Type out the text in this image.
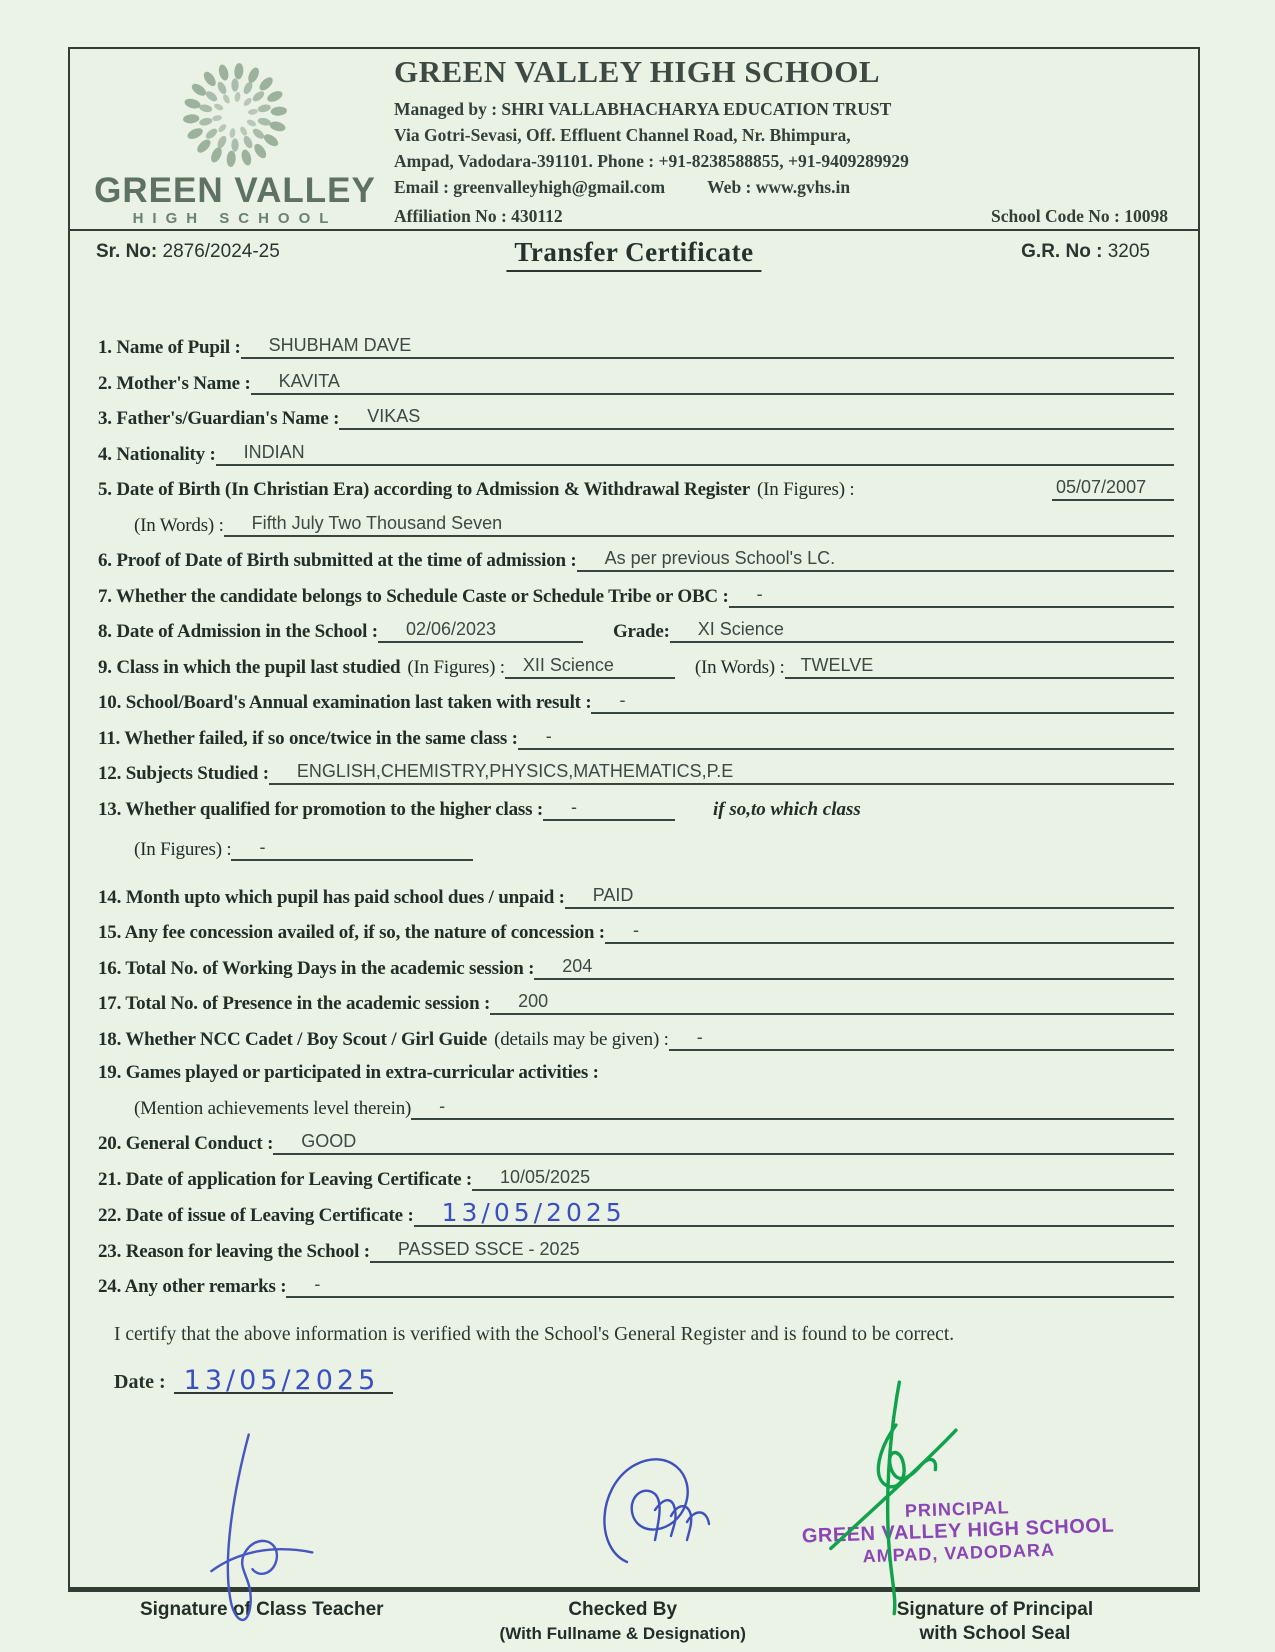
GREEN VALLEY
HIGH SCHOOL
GREEN VALLEY HIGH SCHOOL
Managed by : SHRI VALLABHACHARYA EDUCATION TRUST
Via Gotri-Sevasi, Off. Effluent Channel Road, Nr. Bhimpura,
Ampad, Vadodara-391101. Phone : +91-8238588855, +91-9409289929
Email : greenvalleyhigh@gmail.com Web : www.gvhs.in
Affiliation No : 430112	School Code No : 10098
Sr. No: 2876/2024-25	Transfer Certificate	G.R. No : 3205
1. Name of Pupil :	SHUBHAM DAVE
2. Mother's Name :	KAVITA
3. Father's/Guardian's Name :	VIKAS
4. Nationality :	INDIAN
5. Date of Birth (In Christian Era) according to Admission & Withdrawal Register (In Figures) :	05/07/2007
(In Words) :	Fifth July Two Thousand Seven
6. Proof of Date of Birth submitted at the time of admission :	As per previous School's LC.
7. Whether the candidate belongs to Schedule Caste or Schedule Tribe or OBC :	-
8. Date of Admission in the School :	02/06/2023	Grade:	XI Science
9. Class in which the pupil last studied (In Figures) :	XII Science	(In Words) : TWELVE
10. School/Board's Annual examination last taken with result :	-
11. Whether failed, if so once/twice in the same class :	-
12. Subjects Studied :	ENGLISH,CHEMISTRY,PHYSICS,MATHEMATICS,P.E
13. Whether qualified for promotion to the higher class :	-	if so,to which class
(In Figures) :	-
14. Month upto which pupil has paid school dues / unpaid :	PAID
15. Any fee concession availed of, if so, the nature of concession :	-
16. Total No. of Working Days in the academic session :	204
17. Total No. of Presence in the academic session :	200
18. Whether NCC Cadet / Boy Scout / Girl Guide (details may be given) :	-
19. Games played or participated in extra-curricular activities :
(Mention achievements level therein)	-
20. General Conduct :	GOOD
21. Date of application for Leaving Certificate :	10/05/2025
22. Date of issue of Leaving Certificate :	13/05/2025
23. Reason for leaving the School :	PASSED SSCE - 2025
24. Any other remarks :	-
I certify that the above information is verified with the School's General Register and is found to be correct.
Date : 13/05/2025
PRINCIPAL
GREEN VALLEY HIGH SCHOOL
AMPAD, VADODARA
Signature of Class Teacher	Checked By
(With Fullname & Designation)
Signature of Principal
with School Seal
